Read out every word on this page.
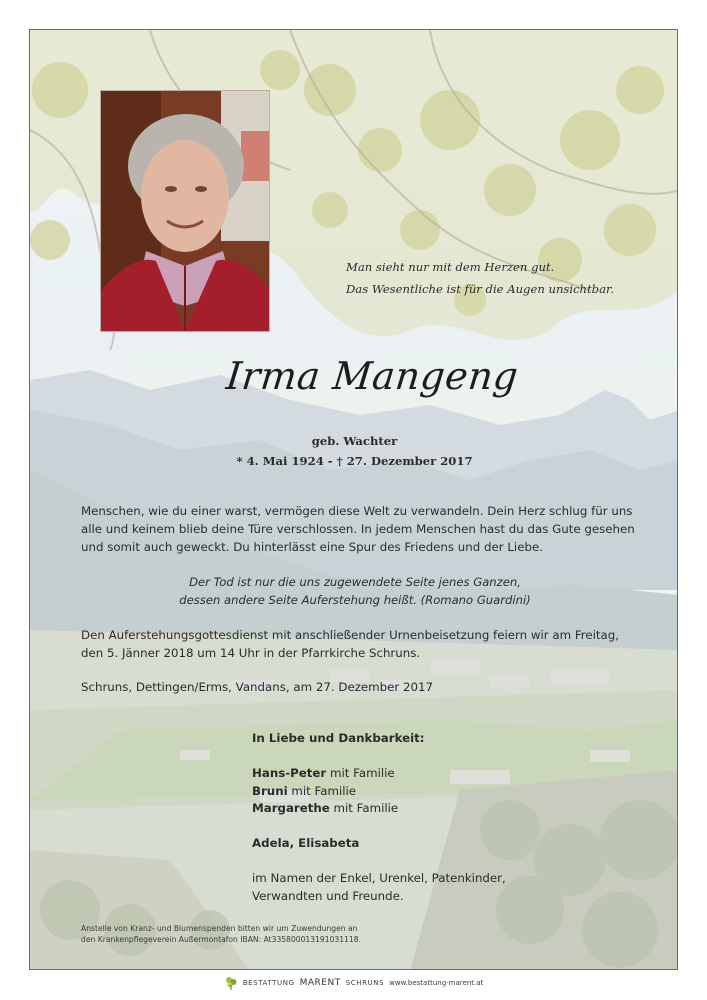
Man sieht nur mit dem Herzen gut.
Das Wesentliche ist für die Augen unsichtbar.
Irma Mangeng
geb. Wachter
* 4. Mai 1924 - † 27. Dezember 2017
Menschen, wie du einer warst, vermögen diese Welt zu verwandeln. Dein Herz schlug für uns
alle und keinem blieb deine Türe verschlossen. In jedem Menschen hast du das Gute gesehen
und somit auch geweckt. Du hinterlässt eine Spur des Friedens und der Liebe.
Der Tod ist nur die uns zugewendete Seite jenes Ganzen,
dessen andere Seite Auferstehung heißt. (Romano Guardini)
Den Auferstehungsgottesdienst mit anschließender Urnenbeisetzung feiern wir am Freitag,
den 5. Jänner 2018 um 14 Uhr in der Pfarrkirche Schruns.
Schruns, Dettingen/Erms, Vandans, am 27. Dezember 2017
In Liebe und Dankbarkeit:
Hans-Peter mit Familie
Bruni mit Familie
Margarethe mit Familie
Adela, Elisabeta
im Namen der Enkel, Urenkel, Patenkinder,
Verwandten und Freunde.
Anstelle von Kranz- und Blumenspenden bitten wir um Zuwendungen an
den Krankenpflegeverein Außermontafon IBAN: At335800013191031118.
BESTATTUNG MARENT SCHRUNS www.bestattung-marent.at
